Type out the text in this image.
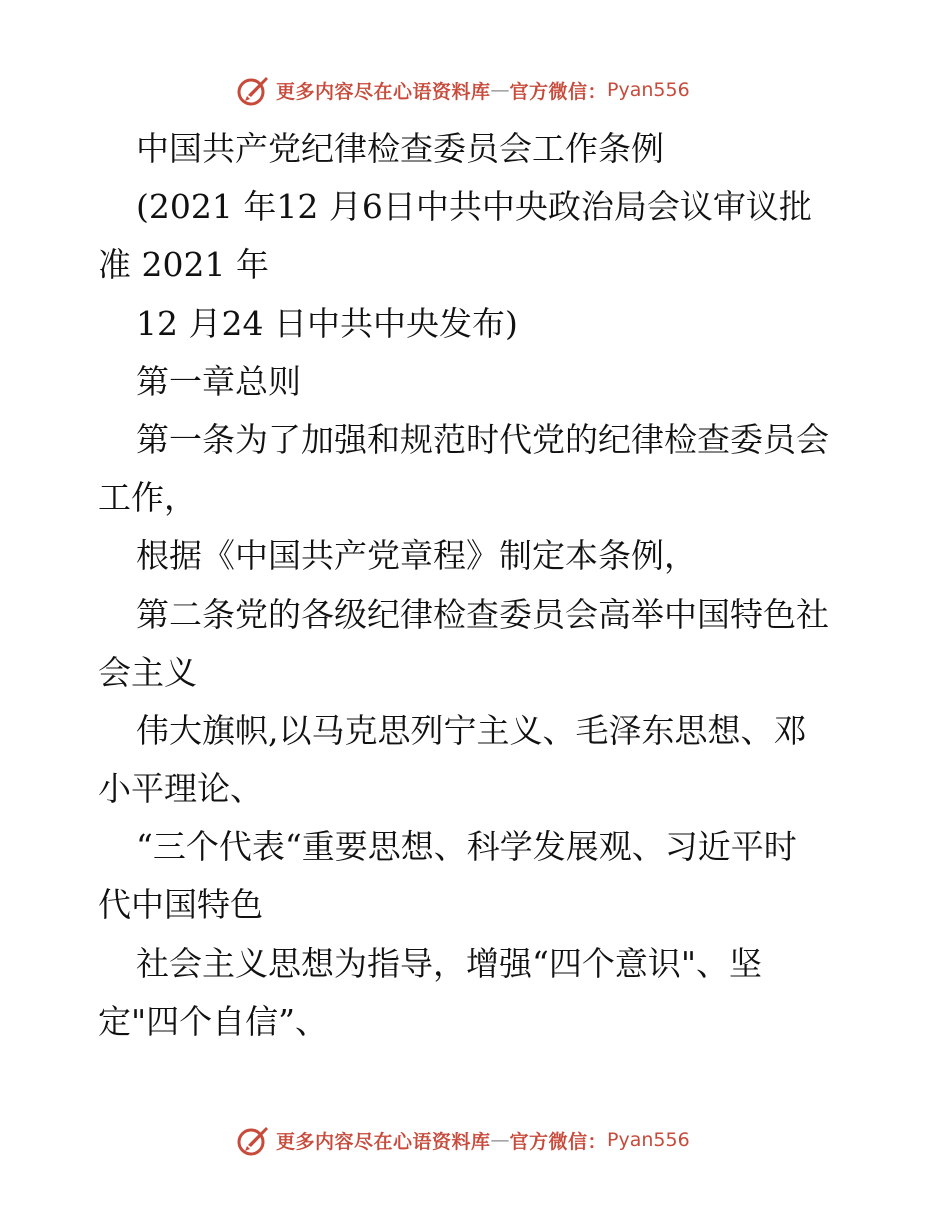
更多内容尽在心语资料库 — 官方微信： Pyan556
中国共产党纪律检查委员会工作条例
(2021 年12 月6日中共中央政治局会议审议批
准 2021 年
12 月24 日中共中央发布)
第一章总则
第一条为了加强和规范时代党的纪律检查委员会
工作，
根据《中国共产党章程》制定本条例，
第二条党的各级纪律检查委员会高举中国特色社
会主义
伟大旗帜,以马克思列宁主义、毛泽东思想、邓
小平理论、
“三个代表“重要思想、科学发展观、习近平时
代中国特色
社会主义思想为指导，增强“四个意识"、坚
定"四个自信”、
更多内容尽在心语资料库 — 官方微信： Pyan556
